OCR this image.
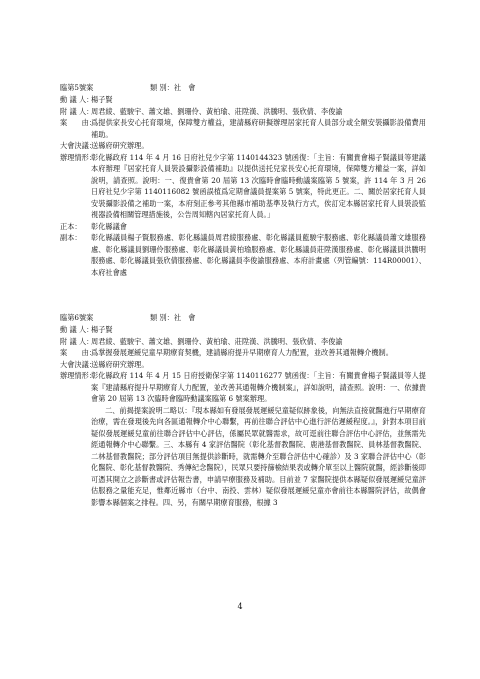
臨第5號案	類 別：社　會
動 議 人：
楊子賢
附 議 人：
周君綾、藍駿宇、蕭文雄、劉珊伶、黃柏瑜、莊陞漢、洪騰明、張欣倩、李俊諭
案　　由：
爲提供家長安心托育環境，保障雙方權益，建請縣府研擬辦理居家托育人員部分或全額安裝攝影設備費用補助。
大會決議：
送縣府研究辦理。
辦理情形：

彰化縣政府 114 年 4 月 16 日府社兒少字第 1140144323 號函復：「主旨：有關貴會楊子賢議員等建議本府辦理『居家托育人員裝設攝影設備補助』以提供送托兒家長安心托育環境，保障雙方權益一案，詳如說明，請查照。說明：一、復貴會第 20 屆第 13 次臨時會臨時動議案臨第 5 號案，許 114 年 3 月 26 日府社兒少字第 1140116082 號函誤植爲定期會議員提案第 5 號案，特此更正。二、關於居家托育人員安裝攝影設備之補助一案，本府刻正參考其他縣市補助基準及執行方式，俟訂定本縣居家托育人員裝設監視器設備相關管理措施後，公告周知轄內居家托育人員。」

正本：	彰化縣議會
副本：	彰化縣議員楊子賢服務處、彰化縣議員周君綾服務處、彰化縣議員藍駿宇服務處、彰化縣議員蕭文雄服務處、彰化縣議員劉珊伶服務處、彰化縣議員黃柏瑜服務處、彰化縣議員莊陞漢服務處、彰化縣議員洪騰明服務處、彰化縣議員張欣倩服務處、彰化縣議員李俊諭服務處、本府計畫處（列管編號：114R00001）、本府社會處
臨第6號案	類 別：社　會
動 議 人：
楊子賢
附 議 人：
周君綾、藍駿宇、蕭文雄、劉珊伶、黃柏瑜、莊陞漢、洪騰明、張欣倩、李俊諭
案　　由：
爲掌握發展遲緩兒童早期療育契機，建請縣府提升早期療育人力配置，並改善其通報轉介機制。
大會決議：
送縣府研究辦理。
辦理情形：

彰化縣政府 114 年 4 月 15 日府授衛保字第 1140116277 號函復：「主旨：有關貴會楊子賢議員等人提案『建請縣府提升早期療育人力配置，並改善其通報轉介機制案』，詳如說明，請查照。說明：一、依據貴會第 20 屆第 13 次臨時會臨時動議案臨第 6 號案辦理。

二、前揭提案說明二略以：『現本縣如有發展發展遲緩兒童疑似跡象後，向無法直接就醫進行早期療育治療，需在發現後先向各區通報轉介中心聯繫，再前往聯合評估中心進行評估遲緩程度。』，針對本項目前疑似發展遲緩兒童前往聯合評估中心評估，係屬民眾就醫需求，故可逕前往聯合評估中心評估，並無需先經通報轉介中心聯繫。三、本縣有 4 家評估醫院（彰化基督教醫院、鹿港基督教醫院、員林基督教醫院、二林基督教醫院；部分評估項目無提供診斷時，就需轉介至聯合評估中心確診）及 3 家聯合評估中心（彰化醫院、彰化基督教醫院、秀傳紀念醫院），民眾只要持篩檢結果表或轉介單至以上醫院就醫，經診斷後即可憑其開立之診斷書或評估報告書，申請早療服務及補助。目前並 7 家醫院提供本縣疑似發展遲緩兒童評估服務之量能充足，惟鄰近縣市（台中、南投、雲林）疑似發展遲緩兒童亦會前往本縣醫院評估，故偶會影響本縣個案之排程。四、另，有關早期療育服務，根據 3

4
